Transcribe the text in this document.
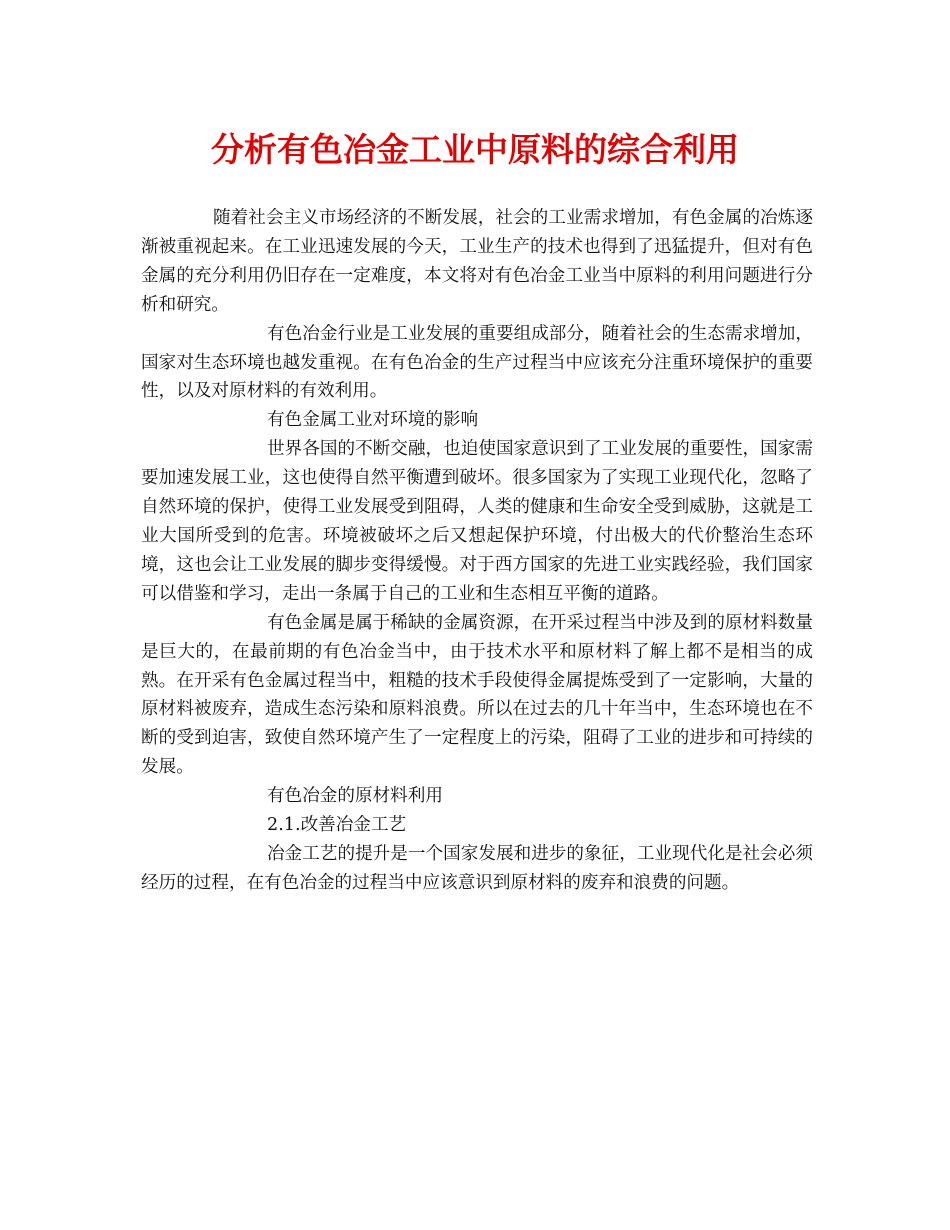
分析有色冶金工业中原料的综合利用

随着社会主义市场经济的不断发展，社会的工业需求增加，有色金属的冶炼逐渐被重视起来。在工业迅速发展的今天，工业生产的技术也得到了迅猛提升，但对有色金属的充分利用仍旧存在一定难度，本文将对有色冶金工业当中原料的利用问题进行分析和研究。

有色冶金行业是工业发展的重要组成部分，随着社会的生态需求增加，国家对生态环境也越发重视。在有色冶金的生产过程当中应该充分注重环境保护的重要性，以及对原材料的有效利用。

有色金属工业对环境的影响

世界各国的不断交融，也迫使国家意识到了工业发展的重要性，国家需要加速发展工业，这也使得自然平衡遭到破坏。很多国家为了实现工业现代化，忽略了自然环境的保护，使得工业发展受到阻碍，人类的健康和生命安全受到威胁，这就是工业大国所受到的危害。环境被破坏之后又想起保护环境，付出极大的代价整治生态环境，这也会让工业发展的脚步变得缓慢。对于西方国家的先进工业实践经验，我们国家可以借鉴和学习，走出一条属于自己的工业和生态相互平衡的道路。

有色金属是属于稀缺的金属资源，在开采过程当中涉及到的原材料数量是巨大的，在最前期的有色冶金当中，由于技术水平和原材料了解上都不是相当的成熟。在开采有色金属过程当中，粗糙的技术手段使得金属提炼受到了一定影响，大量的原材料被废弃，造成生态污染和原料浪费。所以在过去的几十年当中，生态环境也在不断的受到迫害，致使自然环境产生了一定程度上的污染，阻碍了工业的进步和可持续的发展。

有色冶金的原材料利用

2.1.改善冶金工艺

冶金工艺的提升是一个国家发展和进步的象征，工业现代化是社会必须经历的过程，在有色冶金的过程当中应该意识到原材料的废弃和浪费的问题。
